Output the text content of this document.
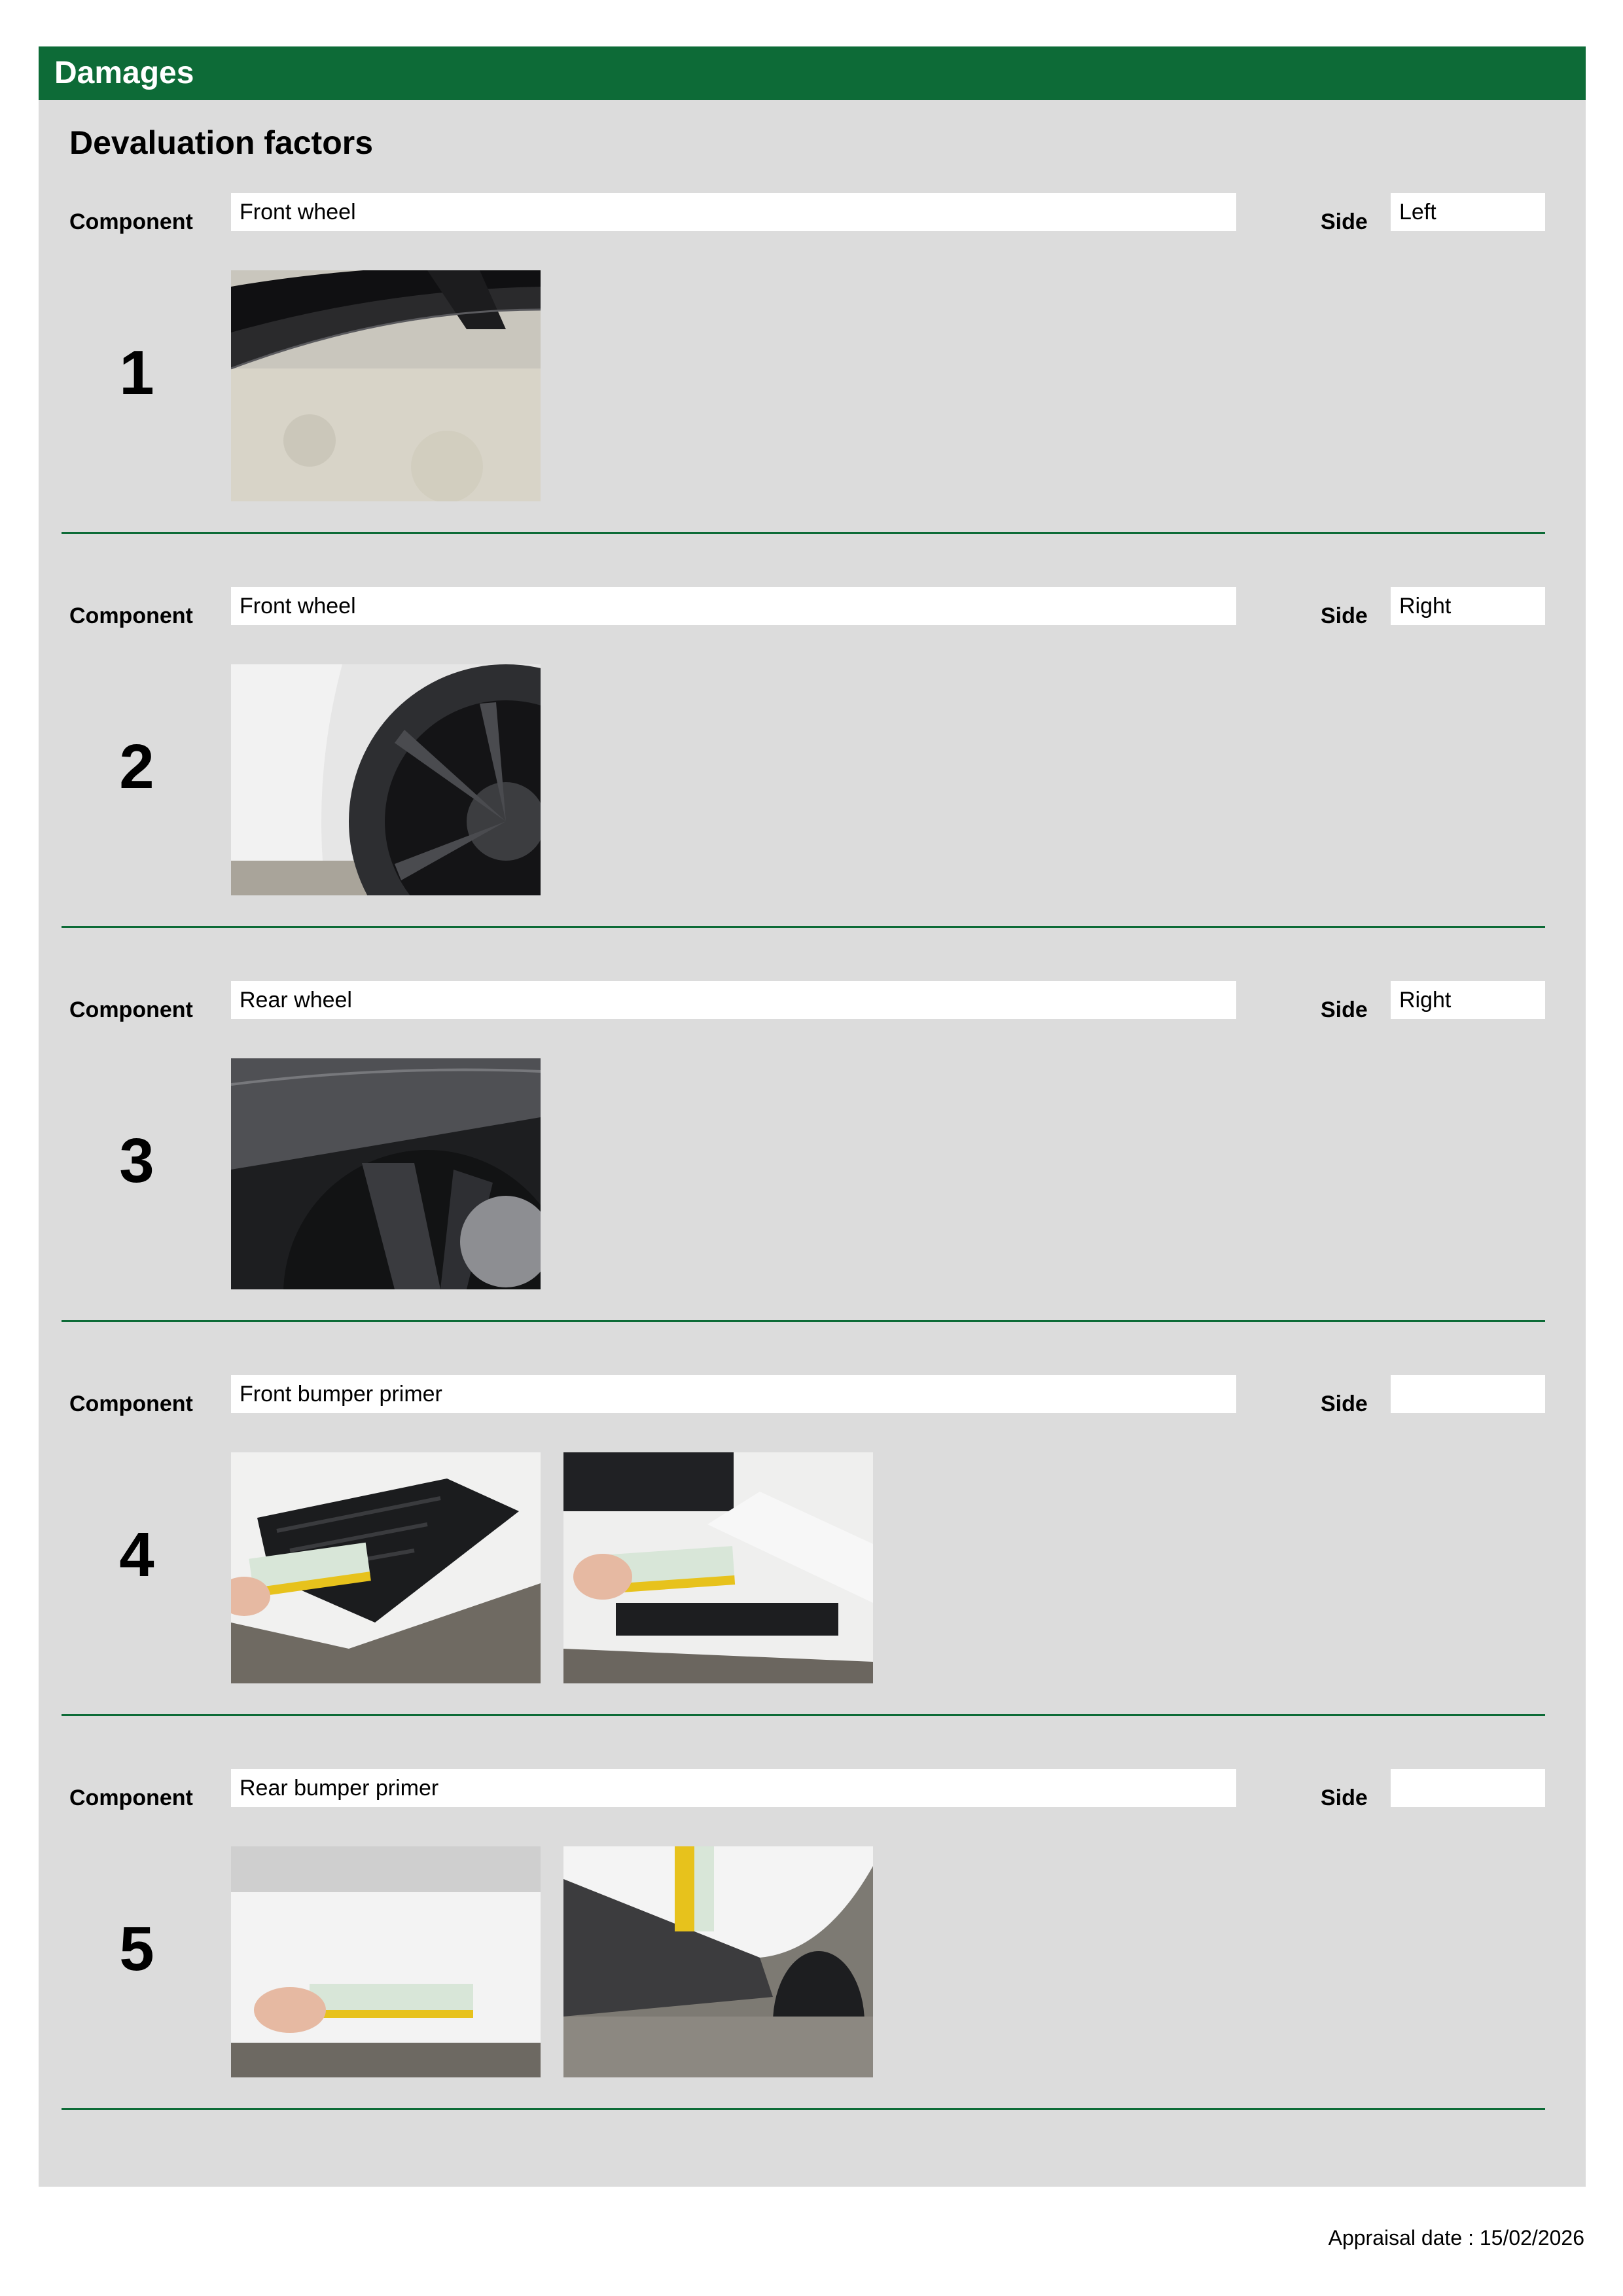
Damages
Devaluation factors
Component	Front wheel	Side	Left
1
Component	Front wheel	Side	Right
2
Component	Rear wheel	Side	Right
3
Component	Front bumper primer	Side
4
Component	Rear bumper primer	Side
5
Appraisal date : 15/02/2026
